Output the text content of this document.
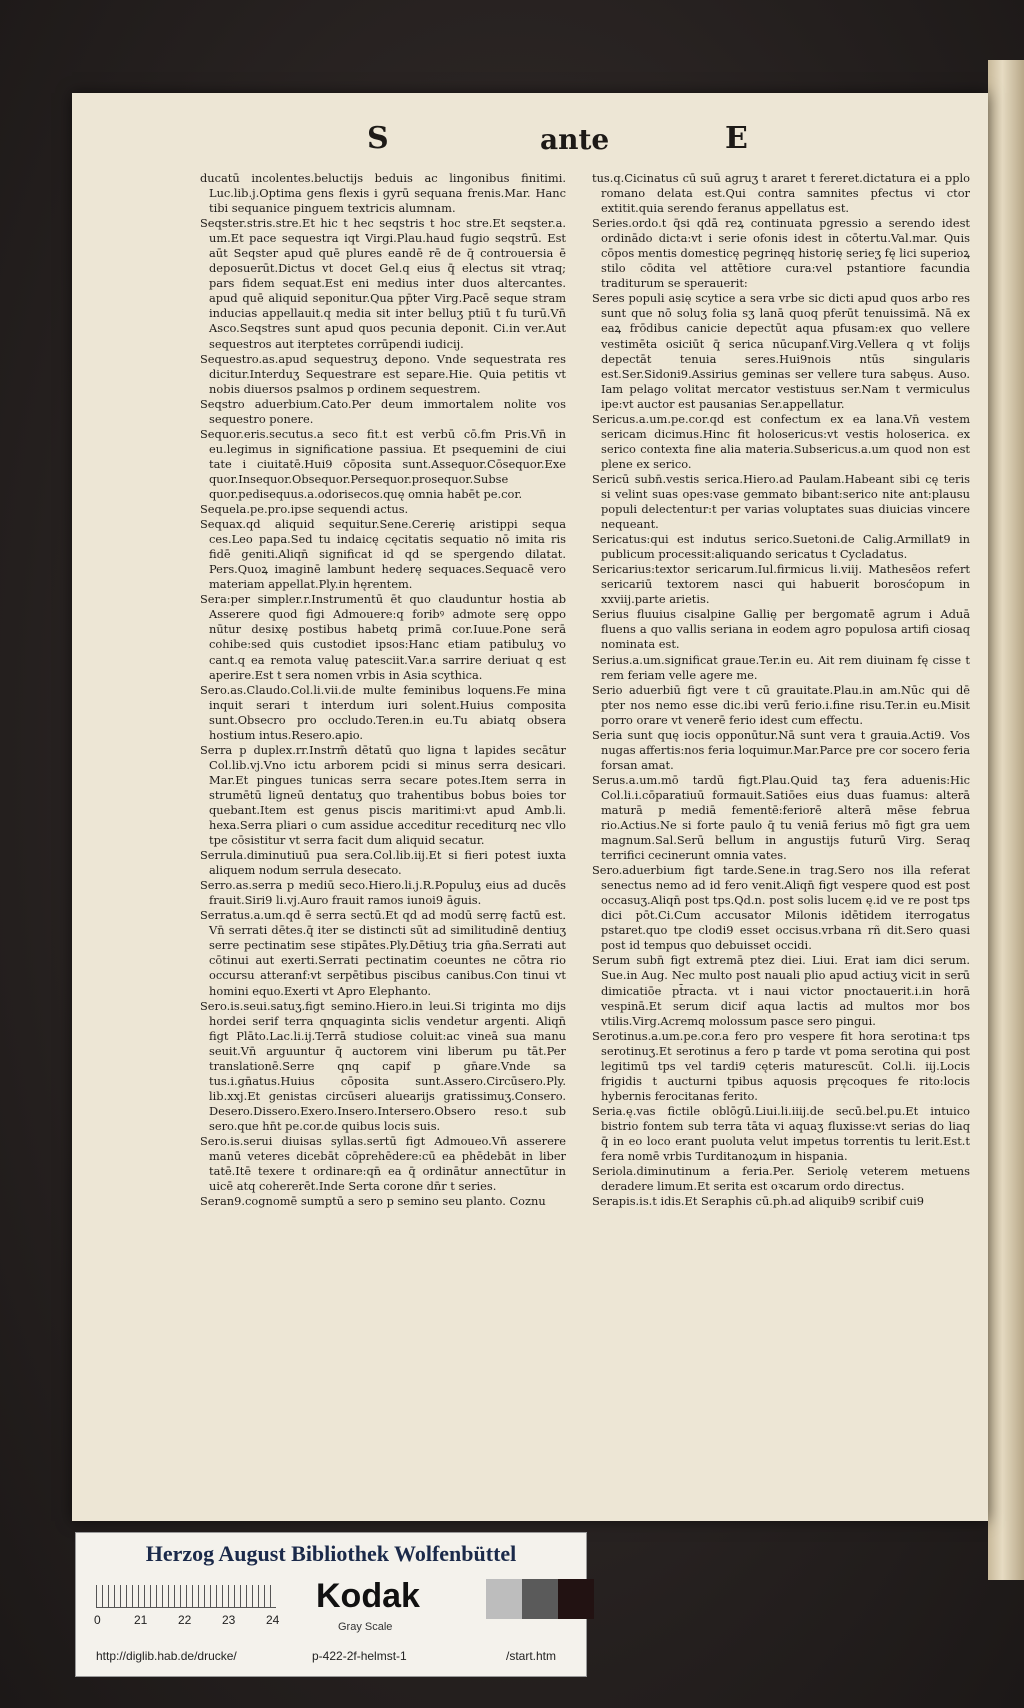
S	ante	E

ducatū incolentes.beluctijs beduis ac lingonibus finitimi. Luc.lib.j.Optima gens flexis i gyrū sequana frenis.Mar. Hanc tibi sequanice pinguem textricis alumnam.

Seqster.stris.stre.Et hic t hec seqstris t hoc stre.Et seqster.a. um.Et pace sequestra iqt Virgi.Plau.haud fugio seqstrū. Est aūt Seqster apud quē plures eandē rē de q̄ controuersia ē deposuerūt.Dictus vt docet Gel.q eius q̄ electus sit vtraq; pars fidem sequat.Est eni medius inter duos altercantes. apud quē aliquid seponitur.Qua pp̄ter Virg.Pacē seque stram inducias appellauit.q media sit inter belluʒ ptiū t fu turū.Vn̄ Asco.Seqstres sunt apud quos pecunia deponit. Ci.in ver.Aut sequestros aut iterptetes corrūpendi iudicij.

Sequestro.as.apud sequestruʒ depono. Vnde sequestrata res dicitur.Interduʒ Sequestrare est separe.Hie. Quia petitis vt nobis diuersos psalmos p ordinem sequestrem.

Seqstro aduerbium.Cato.Per deum immortalem nolite vos sequestro ponere.

Sequor.eris.secutus.a seco fit.t est verbū cō.fm Pris.Vn̄ in eu.legimus in significatione passiua. Et psequemini de ciui tate i ciuitatē.Hui9 cōposita sunt.Assequor.Cōsequor.Exe quor.Insequor.Obsequor.Persequor.prosequor.Subse quor.pedisequus.a.odorisecos.quę omnia habēt pe.cor.

Sequela.pe.pro.ipse sequendi actus.

Sequax.qd aliquid sequitur.Sene.Cererię aristippi sequa ces.Leo papa.Sed tu indaicę cęcitatis sequatio nō imita ris fidē geniti.Aliqn̄ significat id qd se spergendo dilatat. Pers.Quoꝝ imaginē lambunt hederę sequaces.Sequacē vero materiam appellat.Ply.in hęrentem.

Sera:per simpler.r.Instrumentū ēt quo clauduntur hostia ab Asserere quod figi Admouere:q foribꝰ admote serę oppo nūtur desixę postibus habetq primā cor.Iuue.Pone serā cohibe:sed quis custodiet ipsos:Hanc etiam patibuluʒ vo cant.q ea remota valuę patesciit.Var.a sarrire deriuat q est aperire.Est t sera nomen vrbis in Asia scythica.

Sero.as.Claudo.Col.li.vii.de multe feminibus loquens.Fe mina inquit serari t interdum iuri solent.Huius composita sunt.Obsecro pro occludo.Teren.in eu.Tu abiatq obsera hostium intus.Resero.apio.

Serra p duplex.rr.Instrm̄ dētatū quo ligna t lapides secātur Col.lib.vj.Vno ictu arborem pcidi si minus serra desicari. Mar.Et pingues tunicas serra secare potes.Item serra in strumētū ligneū dentatuʒ quo trahentibus bobus boies tor quebant.Item est genus piscis maritimi:vt apud Amb.li. hexa.Serra pliari o cum assidue acceditur recediturq nec vllo tpe cōsistitur vt serra facit dum aliquid secatur.

Serrula.diminutiuū pua sera.Col.lib.iij.Et si fieri potest iuxta aliquem nodum serrula desecato.

Serro.as.serra p mediū seco.Hiero.li.j.R.Populuʒ eius ad ducēs frauit.Siri9 li.vj.Auro frauit ramos iunoi9 āguis.

Serratus.a.um.qd ē serra sectū.Et qd ad modū serrę factū est. Vn̄ serrati dētes.q̄ iter se distincti sūt ad similitudinē dentiuʒ serre pectinatim sese stipātes.Ply.Dētiuʒ tria gn̄a.Serrati aut cōtinui aut exerti.Serrati pectinatim coeuntes ne cōtra rio occursu atteranf:vt serpētibus piscibus canibus.Con tinui vt homini equo.Exerti vt Apro Elephanto.

Sero.is.seui.satuʒ.figt semino.Hiero.in leui.Si triginta mo dijs hordei serif terra qnquaginta siclis vendetur argenti. Aliqn̄ figt Plāto.Lac.li.ij.Terrā studiose coluit:ac vineā sua manu seuit.Vn̄ arguuntur q̄ auctorem vini liberum pu tāt.Per translationē.Serre qnq capif p gn̄are.Vnde sa tus.i.gn̄atus.Huius cōposita sunt.Assero.Circūsero.Ply. lib.xxj.Et genistas circūseri aluearijs gratissimuʒ.Consero. Desero.Dissero.Exero.Insero.Intersero.Obsero reso.t sub sero.que hn̄t pe.cor.de quibus locis suis.

Sero.is.serui diuisas syllas.sertū figt Admoueo.Vn̄ asserere manū veteres dicebāt cōprehēdere:cū ea phēdebāt in liber tatē.Itē texere t ordinare:qn̄ ea q̄ ordinātur annectūtur in uicē atq cohererēt.Inde Serta corone dn̄r t series.

Seran9.cognomē sumptū a sero p semino seu planto. Coznu

tus.q.Cicinatus cū suū agruʒ t araret t fereret.dictatura ei a pplo romano delata est.Qui contra samnites pfectus vi ctor extitit.quia serendo feranus appellatus est.

Series.ordo.t q̄si qdā reꝝ continuata pgressio a serendo idest ordinādo dicta:vt i serie ofonis idest in cōtertu.Val.mar. Quis cōpos mentis domesticę pegrinęq historię serieʒ fę lici superioꝝ stilo cōdita vel attētiore cura:vel pstantiore facundia traditurum se sperauerit:

Seres populi asię scytice a sera vrbe sic dicti apud quos arbo res sunt que nō soluʒ folia sʒ lanā quoq pferūt tenuissimā. Nā ex eaꝝ frōdibus canicie depectūt aqua pfusam:ex quo vellere vestimēta osiciūt q̄ serica nūcupanf.Virg.Vellera q vt folijs depectāt tenuia seres.Hui9nois ntūs singularis est.Ser.Sidoni9.Assirius geminas ser vellere tura sabęus. Auso. Iam pelago volitat mercator vestistuus ser.Nam t vermiculus ipe:vt auctor est pausanias Ser.appellatur.

Sericus.a.um.pe.cor.qd est confectum ex ea lana.Vn̄ vestem sericam dicimus.Hinc fit holosericus:vt vestis holoserica. ex serico contexta fine alia materia.Subsericus.a.um quod non est plene ex serico.

Sericū subn̄.vestis serica.Hiero.ad Paulam.Habeant sibi cę teris si velint suas opes:vase gemmato bibant:serico nite ant:plausu populi delectentur:t per varias voluptates suas diuicias vincere nequeant.

Sericatus:qui est indutus serico.Suetoni.de Calig.Armillat9 in publicum processit:aliquando sericatus t Cycladatus.

Sericarius:textor sericarum.Iul.firmicus li.viij. Mathesēos refert sericariū textorem nasci qui habuerit borosćopum in xxviij.parte arietis.

Serius fluuius cisalpine Gallię per bergomatē agrum i Aduā fluens a quo vallis seriana in eodem agro populosa artifi ciosaq nominata est.

Serius.a.um.significat graue.Ter.in eu. Ait rem diuinam fę cisse t rem feriam velle agere me.

Serio aduerbiū figt vere t cū grauitate.Plau.in am.Nūc qui dē pter nos nemo esse dic.ibi verū ferio.i.fine risu.Ter.in eu.Misit porro orare vt venerē ferio idest cum effectu.

Seria sunt quę iocis opponūtur.Nā sunt vera t grauia.Acti9. Vos nugas affertis:nos feria loquimur.Mar.Parce pre cor socero feria forsan amat.

Serus.a.um.mō tardū figt.Plau.Quid taʒ fera aduenis:Hic Col.li.i.cōparatiuū formauit.Satiōes eius duas fuamus: alterā maturā p mediā fementē:feriorē alterā mēse februa rio.Actius.Ne si forte paulo q̄ tu veniā ferius mō figt gra uem magnum.Sal.Serū bellum in angustijs futurū Virg. Seraq terrifici cecinerunt omnia vates.

Sero.aduerbium figt tarde.Sene.in trag.Sero nos illa referat senectus nemo ad id fero venit.Aliqn̄ figt vespere quod est post occasuʒ.Aliqn̄ post tps.Qd.n. post solis lucem ę.id ve re post tps dici pōt.Ci.Cum accusator Milonis idētidem iterrogatus pstaret.quo tpe clodi9 esset occisus.vrbana rñ dit.Sero quasi post id tempus quo debuisset occidi.

Serum subn̄ figt extremā ptez diei. Liui. Erat iam dici serum. Sue.in Aug. Nec multo post nauali plio apud actiuʒ vicit in serū dimicatiōe pt̄racta. vt i naui victor pnoctauerit.i.in horā vespinā.Et serum dicif aqua lactis ad multos mor bos vtilis.Virg.Acremq molossum pasce sero pingui.

Serotinus.a.um.pe.cor.a fero pro vespere fit hora serotina:t tps serotinuʒ.Et serotinus a fero p tarde vt poma serotina qui post legitimū tps vel tardi9 cęteris maturescūt. Col.li. iij.Locis frigidis t aucturni tpibus aquosis pręcoques fe rito:locis hybernis ferocitanas ferito.

Seria.ę.vas fictile oblōgū.Liui.li.iiij.de secū.bel.pu.Et intuico bistrio fontem sub terra tāta vi aquaʒ fluxisse:vt serias do liaq q̄ in eo loco erant puoluta velut impetus torrentis tu lerit.Est.t fera nomē vrbis Turditanoꝝum in hispania.

Seriola.diminutinum a feria.Per. Seriolę veterem metuens deradere limum.Et serita est oꝛcarum ordo directus.

Serapis.is.t idis.Et Seraphis cū.ph.ad aliquib9 scribif cui9

Herzog August Bibliothek Wolfenbüttel
0	21	22	23	24
Kodak
Gray Scale
http://diglib.hab.de/drucke/	p-422-2f-helmst-1	/start.htm
